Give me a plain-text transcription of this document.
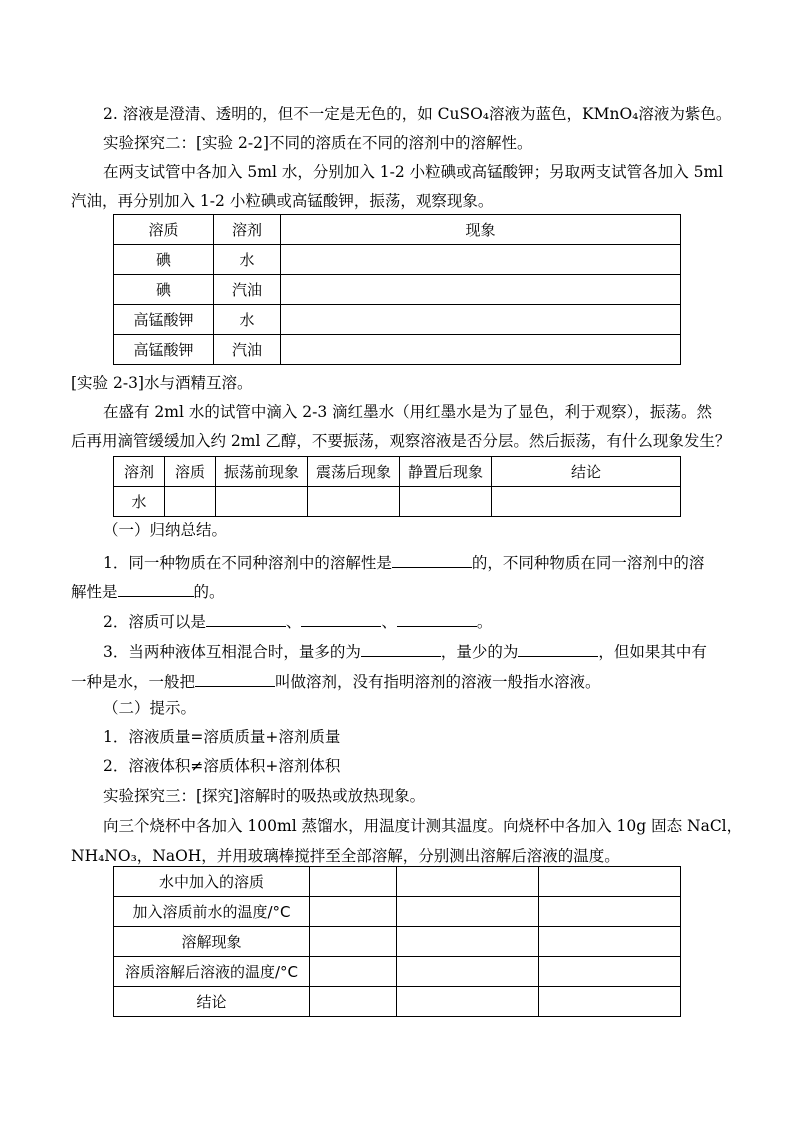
2. 溶液是澄清、透明的，但不一定是无色的，如 CuSO₄溶液为蓝色，KMnO₄溶液为紫色。
实验探究二：[实验 2-2]不同的溶质在不同的溶剂中的溶解性。
在两支试管中各加入 5ml 水，分别加入 1-2 小粒碘或高锰酸钾；另取两支试管各加入 5ml
汽油，再分别加入 1-2 小粒碘或高锰酸钾，振荡，观察现象。
溶质	溶剂	现象
碘	水	
碘	汽油	
高锰酸钾	水	
高锰酸钾	汽油	
[实验 2-3]水与酒精互溶。
在盛有 2ml 水的试管中滴入 2-3 滴红墨水（用红墨水是为了显色，利于观察），振荡。然
后再用滴管缓缓加入约 2ml 乙醇，不要振荡，观察溶液是否分层。然后振荡，有什么现象发生？
溶剂	溶质	振荡前现象	震荡后现象	静置后现象	结论
水					
（一）归纳总结。
1．同一种物质在不同种溶剂中的溶解性是	的，不同种物质在同一溶剂中的溶
解性是	的。
2．溶质可以是	、	、	。
3．当两种液体互相混合时，量多的为	，量少的为	，但如果其中有
一种是水，一般把	叫做溶剂，没有指明溶剂的溶液一般指水溶液。
（二）提示。
1．溶液质量=溶质质量+溶剂质量
2．溶液体积≠溶质体积+溶剂体积
实验探究三：[探究]溶解时的吸热或放热现象。
向三个烧杯中各加入 100ml 蒸馏水，用温度计测其温度。向烧杯中各加入 10g 固态 NaCl，
NH₄NO₃，NaOH，并用玻璃棒搅拌至全部溶解，分别测出溶解后溶液的温度。
水中加入的溶质			
加入溶质前水的温度/°C			
溶解现象			
溶质溶解后溶液的温度/°C			
结论			
